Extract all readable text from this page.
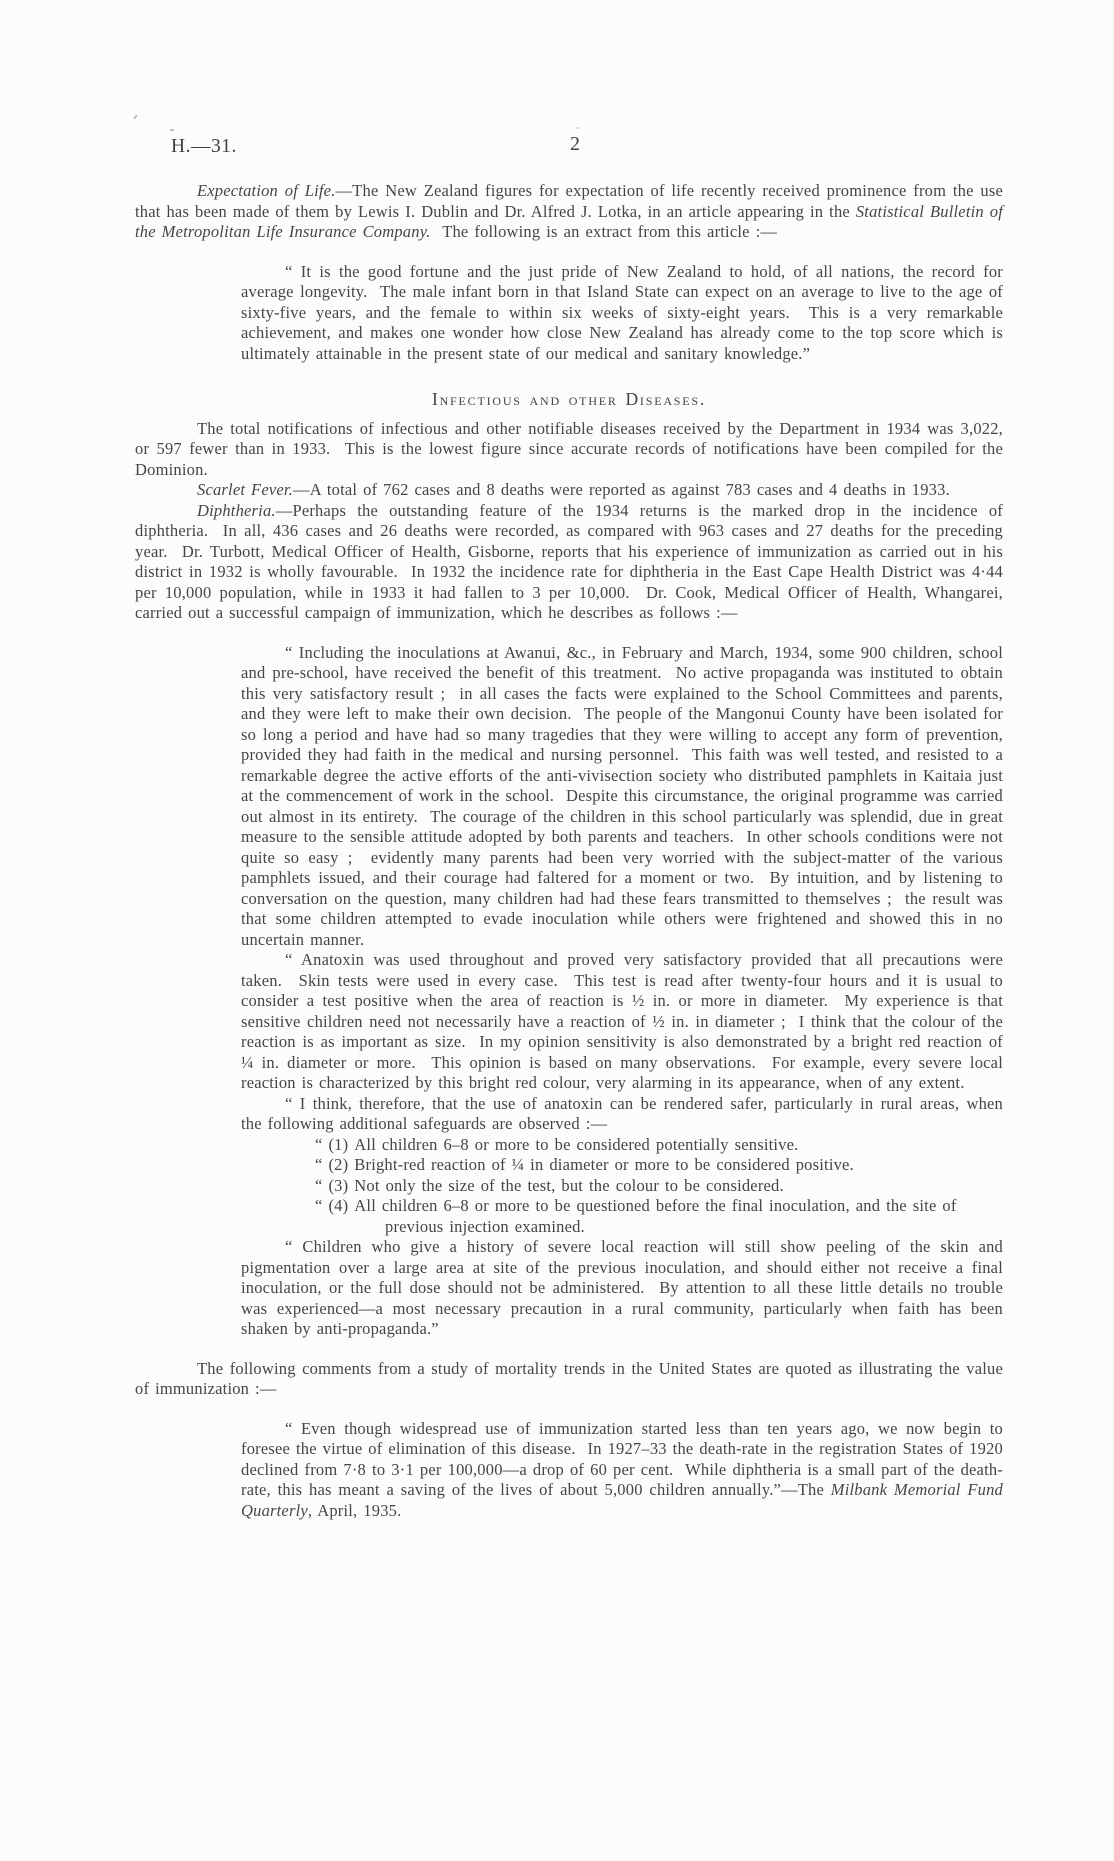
H.—31.	2

Expectation of Life.—The New Zealand figures for expectation of life recently received prominence from the use that has been made of them by Lewis I. Dublin and Dr. Alfred J. Lotka, in an article appearing in the Statistical Bulletin of the Metropolitan Life Insurance Company.  The following is an extract from this article :—

“ It is the good fortune and the just pride of New Zealand to hold, of all nations, the record for average longevity.  The male infant born in that Island State can expect on an average to live to the age of sixty-five years, and the female to within six weeks of sixty-eight years.  This is a very remarkable achievement, and makes one wonder how close New Zealand has already come to the top score which is ultimately attainable in the present state of our medical and sanitary knowledge.”

Infectious and other Diseases.

The total notifications of infectious and other notifiable diseases received by the Department in 1934 was 3,022, or 597 fewer than in 1933.  This is the lowest figure since accurate records of notifications have been compiled for the Dominion.

Scarlet Fever.—A total of 762 cases and 8 deaths were reported as against 783 cases and 4 deaths in 1933.

Diphtheria.—Perhaps the outstanding feature of the 1934 returns is the marked drop in the incidence of diphtheria.  In all, 436 cases and 26 deaths were recorded, as compared with 963 cases and 27 deaths for the preceding year.  Dr. Turbott, Medical Officer of Health, Gisborne, reports that his experience of immunization as carried out in his district in 1932 is wholly favourable.  In 1932 the incidence rate for diphtheria in the East Cape Health District was 4·44 per 10,000 population, while in 1933 it had fallen to 3 per 10,000.  Dr. Cook, Medical Officer of Health, Whangarei, carried out a successful campaign of immunization, which he describes as follows :—

“ Including the inoculations at Awanui, &c., in February and March, 1934, some 900 children, school and pre-school, have received the benefit of this treatment.  No active propaganda was instituted to obtain this very satisfactory result ;  in all cases the facts were explained to the School Committees and parents, and they were left to make their own decision.  The people of the Mangonui County have been isolated for so long a period and have had so many tragedies that they were willing to accept any form of prevention, provided they had faith in the medical and nursing personnel.  This faith was well tested, and resisted to a remarkable degree the active efforts of the anti-vivisection society who distributed pamphlets in Kaitaia just at the commencement of work in the school.  Despite this circumstance, the original programme was carried out almost in its entirety.  The courage of the children in this school particularly was splendid, due in great measure to the sensible attitude adopted by both parents and teachers.  In other schools conditions were not quite so easy ;  evidently many parents had been very worried with the subject-matter of the various pamphlets issued, and their courage had faltered for a moment or two.  By intuition, and by listening to conversation on the question, many children had had these fears transmitted to themselves ;  the result was that some children attempted to evade inoculation while others were frightened and showed this in no uncertain manner.

“ Anatoxin was used throughout and proved very satisfactory provided that all precautions were taken.  Skin tests were used in every case.  This test is read after twenty-four hours and it is usual to consider a test positive when the area of reaction is ½ in. or more in diameter.  My experience is that sensitive children need not necessarily have a reaction of ½ in. in diameter ;  I think that the colour of the reaction is as important as size.  In my opinion sensitivity is also demonstrated by a bright red reaction of ¼ in. diameter or more.  This opinion is based on many observations.  For example, every severe local reaction is characterized by this bright red colour, very alarming in its appearance, when of any extent.

“ I think, therefore, that the use of anatoxin can be rendered safer, particularly in rural areas, when the following additional safeguards are observed :—

“ (1) All children 6–8 or more to be considered potentially sensitive.
“ (2) Bright-red reaction of ¼ in diameter or more to be considered positive.
“ (3) Not only the size of the test, but the colour to be considered.
“ (4) All children 6–8 or more to be questioned before the final inoculation, and the site of previous injection examined.

“ Children who give a history of severe local reaction will still show peeling of the skin and pigmentation over a large area at site of the previous inoculation, and should either not receive a final inoculation, or the full dose should not be administered.  By attention to all these little details no trouble was experienced—a most necessary precaution in a rural community, particularly when faith has been shaken by anti-propaganda.”

The following comments from a study of mortality trends in the United States are quoted as illustrating the value of immunization :—

“ Even though widespread use of immunization started less than ten years ago, we now begin to foresee the virtue of elimination of this disease.  In 1927–33 the death-rate in the registration States of 1920 declined from 7·8 to 3·1 per 100,000—a drop of 60 per cent.  While diphtheria is a small part of the death-rate, this has meant a saving of the lives of about 5,000 children annually.”—The Milbank Memorial Fund Quarterly, April, 1935.
